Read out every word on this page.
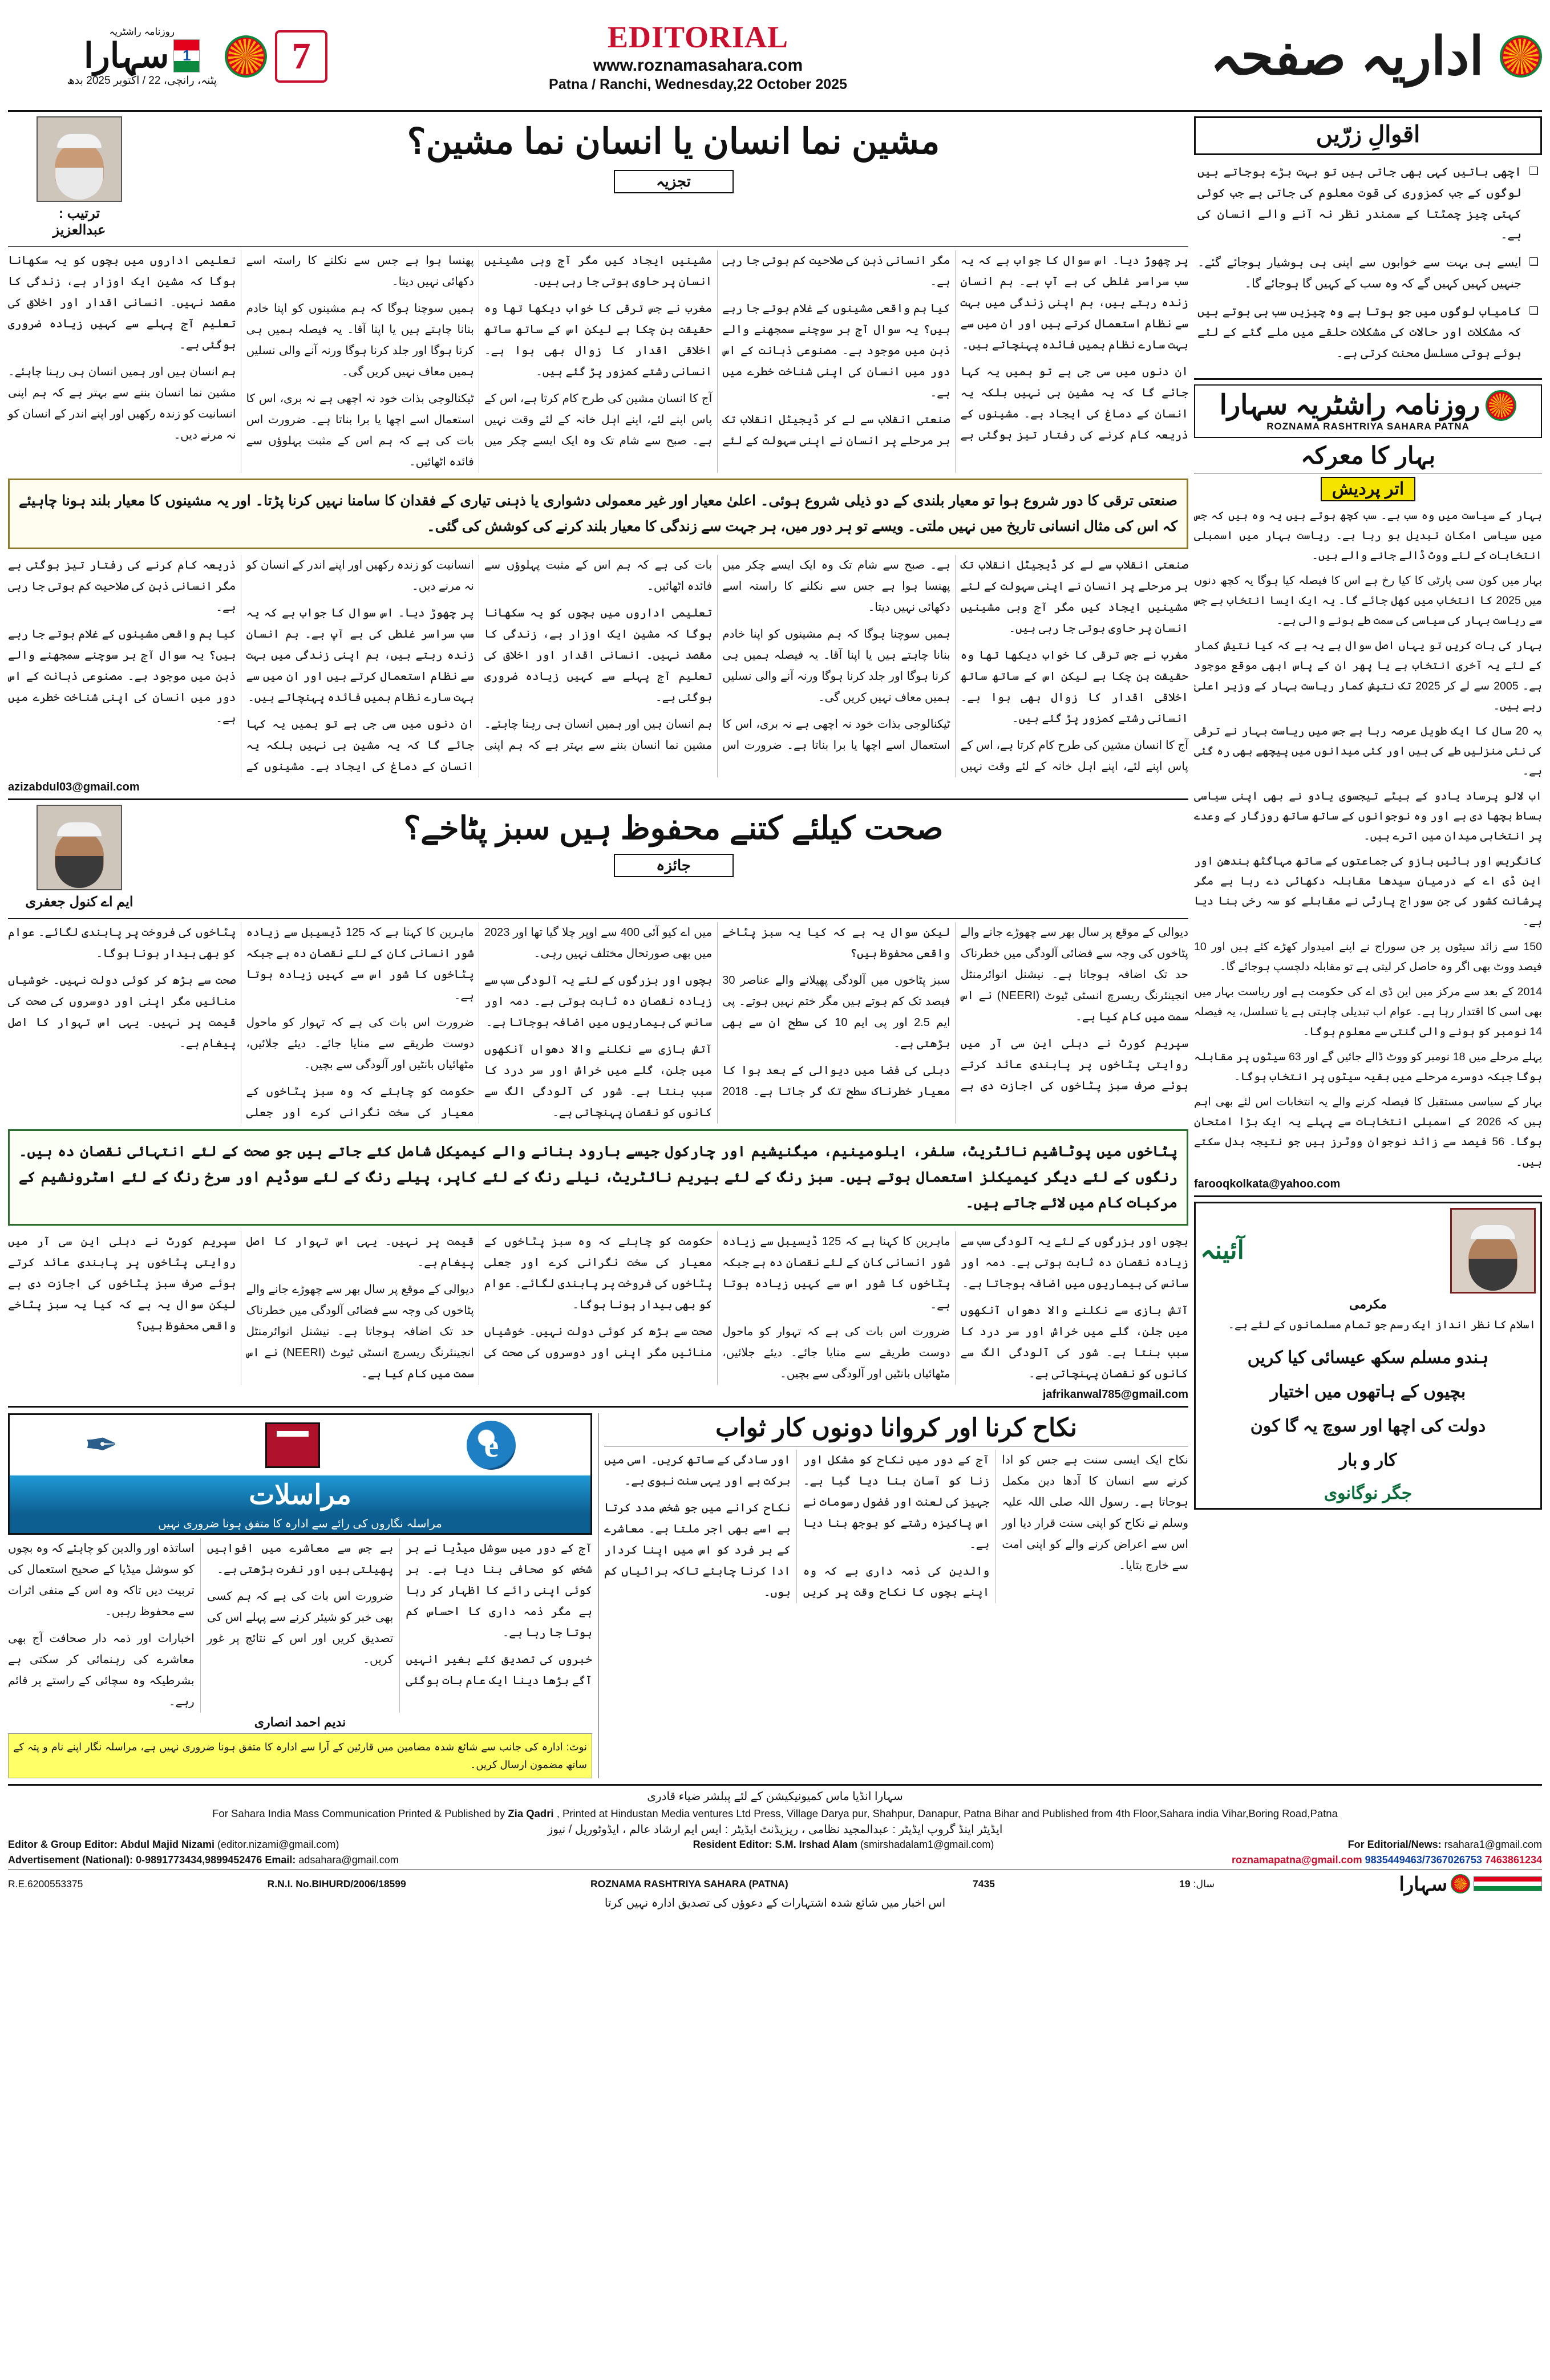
اداریہ صفحہ
EDITORIAL
www.roznamasahara.com
Patna / Ranchi, Wednesday,22 October 2025
7
روزنامہ راشٹریہ
1
سہارا
پٹنہ، رانچی، 22 / اکتوبر 2025 بدھ
اقوالِ زرّیں
❑ اچھی باتیں کہی بھی جاتی ہیں تو بہت بڑے ہوجاتے ہیں لوگوں کے جب کمزوری کی قوت معلوم کی جاتی ہے جب کوئی کہتی چیز چمٹتا کے سمندر نظر نہ آنے والے انسان کی ہے۔
❑ ایسے ہی بہت سے خوابوں سے اپنی ہی ہوشیار ہوجائے گئے۔ جنہیں کہیں کہیں گے کہ وہ سب کے کہیں گا ہوجائے گا۔
❑ کامیاب لوگوں میں جو ہوتا ہے وہ چیزیں سب ہی ہوتے ہیں کہ مشکلات اور حالات کی مشکلات حلقے میں ملے گئے کے لئے ہوئے ہوتی مسلسل محنت کرتی ہے۔
روزنامہ راشٹریہ سہارا
ROZNAMA RASHTRIYA SAHARA PATNA
بہار کا معرکہ
اتر پردیش

بہار کے سیاست میں وہ سب ہے۔ سب کچھ ہوتے ہیں یہ وہ ہیں کہ جس میں سیاسی امکان تبدیل ہو رہا ہے۔ ریاست بہار میں اسمبلی انتخابات کے لئے ووٹ ڈالے جانے والے ہیں۔

بہار میں کون سی پارٹی کا کیا رخ ہے اس کا فیصلہ کیا ہوگا یہ کچھ دنوں میں 2025 کا انتخاب میں کھل جائے گا۔ یہ ایک ایسا انتخاب ہے جس سے ریاست بہار کی سیاسی کی سمت طے ہونے والی ہے۔

بہار کی بات کریں تو یہاں اصل سوال ہے یہ ہے کہ کیا نتیش کمار کے لئے یہ آخری انتخاب ہے یا پھر ان کے پاس ابھی موقع موجود ہے۔ 2005 سے لے کر 2025 تک نتیش کمار ریاست بہار کے وزیر اعلیٰ رہے ہیں۔

یہ 20 سال کا ایک طویل عرصہ رہا ہے جس میں ریاست بہار نے ترقی کی نئی منزلیں طے کی ہیں اور کئی میدانوں میں پیچھے بھی رہ گئی ہے۔

اب لالو پرساد یادو کے بیٹے تیجسوی یادو نے بھی اپنی سیاسی بساط بچھا دی ہے اور وہ نوجوانوں کے ساتھ ساتھ روزگار کے وعدے پر انتخابی میدان میں اترے ہیں۔

کانگریس اور بائیں بازو کی جماعتوں کے ساتھ مہاگٹھ بندھن اور این ڈی اے کے درمیان سیدھا مقابلہ دکھائی دے رہا ہے مگر پرشانت کشور کی جن سوراج پارٹی نے مقابلے کو سہ رخی بنا دیا ہے۔

150 سے زائد سیٹوں پر جن سوراج نے اپنے امیدوار کھڑے کئے ہیں اور 10 فیصد ووٹ بھی اگر وہ حاصل کر لیتی ہے تو مقابلہ دلچسپ ہوجائے گا۔

2014 کے بعد سے مرکز میں این ڈی اے کی حکومت ہے اور ریاست بہار میں بھی اسی کا اقتدار رہا ہے۔ عوام اب تبدیلی چاہتی ہے یا تسلسل، یہ فیصلہ 14 نومبر کو ہونے والی گنتی سے معلوم ہوگا۔

پہلے مرحلے میں 18 نومبر کو ووٹ ڈالے جائیں گے اور 63 سیٹوں پر مقابلہ ہوگا جبکہ دوسرے مرحلے میں بقیہ سیٹوں پر انتخاب ہوگا۔

بہار کے سیاسی مستقبل کا فیصلہ کرنے والے یہ انتخابات اس لئے بھی اہم ہیں کہ 2026 کے اسمبلی انتخابات سے پہلے یہ ایک بڑا امتحان ہوگا۔ 56 فیصد سے زائد نوجوان ووٹرز ہیں جو نتیجہ بدل سکتے ہیں۔

farooqkolkata@yahoo.com
آئینہ
مکرمی
اسلام کا نظر انداز ایک رسم جو تمام مسلمانوں کے لئے ہے۔
ہندو مسلم سکھ عیسائی کیا کریں
بچیوں کے ہاتھوں میں اختیار
دولت کی اچھا اور سوچ یہ گا کون
کار و بار
جگر نوگانوی
مشین نما انسان یا انسان نما مشین؟
تجزیہ
ترتیب :
عبدالعزیز

پر چھوڑ دیا۔ اس سوال کا جواب ہے کہ یہ سب سراسر غلطی کی ہے آپ ہے۔ ہم انسان زندہ رہتے ہیں، ہم اپنی زندگی میں بہت سے نظام استعمال کرتے ہیں اور ان میں سے بہت سارے نظام ہمیں فائدہ پہنچاتے ہیں۔

ان دنوں میں سی جی ہے تو ہمیں یہ کہا جائے گا کہ یہ مشین ہی نہیں بلکہ یہ انسان کے دماغ کی ایجاد ہے۔ مشینوں کے ذریعہ کام کرنے کی رفتار تیز ہوگئی ہے مگر انسانی ذہن کی صلاحیت کم ہوتی جا رہی ہے۔

کیا ہم واقعی مشینوں کے غلام ہوتے جا رہے ہیں؟ یہ سوال آج ہر سوچنے سمجھنے والے ذہن میں موجود ہے۔ مصنوعی ذہانت کے اس دور میں انسان کی اپنی شناخت خطرے میں ہے۔

صنعتی انقلاب سے لے کر ڈیجیٹل انقلاب تک ہر مرحلے پر انسان نے اپنی سہولت کے لئے مشینیں ایجاد کیں مگر آج وہی مشینیں انسان پر حاوی ہوتی جا رہی ہیں۔

مغرب نے جس ترقی کا خواب دیکھا تھا وہ حقیقت بن چکا ہے لیکن اس کے ساتھ ساتھ اخلاقی اقدار کا زوال بھی ہوا ہے۔ انسانی رشتے کمزور پڑ گئے ہیں۔

آج کا انسان مشین کی طرح کام کرتا ہے، اس کے پاس اپنے لئے، اپنے اہل خانہ کے لئے وقت نہیں ہے۔ صبح سے شام تک وہ ایک ایسے چکر میں پھنسا ہوا ہے جس سے نکلنے کا راستہ اسے دکھائی نہیں دیتا۔

ہمیں سوچنا ہوگا کہ ہم مشینوں کو اپنا خادم بنانا چاہتے ہیں یا اپنا آقا۔ یہ فیصلہ ہمیں ہی کرنا ہوگا اور جلد کرنا ہوگا ورنہ آنے والی نسلیں ہمیں معاف نہیں کریں گی۔

ٹیکنالوجی بذات خود نہ اچھی ہے نہ بری، اس کا استعمال اسے اچھا یا برا بناتا ہے۔ ضرورت اس بات کی ہے کہ ہم اس کے مثبت پہلوؤں سے فائدہ اٹھائیں۔

تعلیمی اداروں میں بچوں کو یہ سکھانا ہوگا کہ مشین ایک اوزار ہے، زندگی کا مقصد نہیں۔ انسانی اقدار اور اخلاق کی تعلیم آج پہلے سے کہیں زیادہ ضروری ہوگئی ہے۔

ہم انسان ہیں اور ہمیں انسان ہی رہنا چاہئے۔ مشین نما انسان بننے سے بہتر ہے کہ ہم اپنی انسانیت کو زندہ رکھیں اور اپنے اندر کے انسان کو نہ مرنے دیں۔

صنعتی ترقی کا دور شروع ہوا تو معیار بلندی کے دو ذیلی شروع ہوئی۔ اعلیٰ معیار اور غیر معمولی دشواری یا ذہنی تیاری کے فقدان کا سامنا نہیں کرنا پڑتا۔ اور یہ مشینوں کا معیار بلند ہونا چاہیئے کہ اس کی مثال انسانی تاریخ میں نہیں ملتی۔ ویسے تو ہر دور میں، ہر جہت سے زندگی کا معیار بلند کرنے کی کوشش کی گئی۔

صنعتی انقلاب سے لے کر ڈیجیٹل انقلاب تک ہر مرحلے پر انسان نے اپنی سہولت کے لئے مشینیں ایجاد کیں مگر آج وہی مشینیں انسان پر حاوی ہوتی جا رہی ہیں۔

مغرب نے جس ترقی کا خواب دیکھا تھا وہ حقیقت بن چکا ہے لیکن اس کے ساتھ ساتھ اخلاقی اقدار کا زوال بھی ہوا ہے۔ انسانی رشتے کمزور پڑ گئے ہیں۔

آج کا انسان مشین کی طرح کام کرتا ہے، اس کے پاس اپنے لئے، اپنے اہل خانہ کے لئے وقت نہیں ہے۔ صبح سے شام تک وہ ایک ایسے چکر میں پھنسا ہوا ہے جس سے نکلنے کا راستہ اسے دکھائی نہیں دیتا۔

ہمیں سوچنا ہوگا کہ ہم مشینوں کو اپنا خادم بنانا چاہتے ہیں یا اپنا آقا۔ یہ فیصلہ ہمیں ہی کرنا ہوگا اور جلد کرنا ہوگا ورنہ آنے والی نسلیں ہمیں معاف نہیں کریں گی۔

ٹیکنالوجی بذات خود نہ اچھی ہے نہ بری، اس کا استعمال اسے اچھا یا برا بناتا ہے۔ ضرورت اس بات کی ہے کہ ہم اس کے مثبت پہلوؤں سے فائدہ اٹھائیں۔

تعلیمی اداروں میں بچوں کو یہ سکھانا ہوگا کہ مشین ایک اوزار ہے، زندگی کا مقصد نہیں۔ انسانی اقدار اور اخلاق کی تعلیم آج پہلے سے کہیں زیادہ ضروری ہوگئی ہے۔

ہم انسان ہیں اور ہمیں انسان ہی رہنا چاہئے۔ مشین نما انسان بننے سے بہتر ہے کہ ہم اپنی انسانیت کو زندہ رکھیں اور اپنے اندر کے انسان کو نہ مرنے دیں۔

پر چھوڑ دیا۔ اس سوال کا جواب ہے کہ یہ سب سراسر غلطی کی ہے آپ ہے۔ ہم انسان زندہ رہتے ہیں، ہم اپنی زندگی میں بہت سے نظام استعمال کرتے ہیں اور ان میں سے بہت سارے نظام ہمیں فائدہ پہنچاتے ہیں۔

ان دنوں میں سی جی ہے تو ہمیں یہ کہا جائے گا کہ یہ مشین ہی نہیں بلکہ یہ انسان کے دماغ کی ایجاد ہے۔ مشینوں کے ذریعہ کام کرنے کی رفتار تیز ہوگئی ہے مگر انسانی ذہن کی صلاحیت کم ہوتی جا رہی ہے۔

کیا ہم واقعی مشینوں کے غلام ہوتے جا رہے ہیں؟ یہ سوال آج ہر سوچنے سمجھنے والے ذہن میں موجود ہے۔ مصنوعی ذہانت کے اس دور میں انسان کی اپنی شناخت خطرے میں ہے۔

azizabdul03@gmail.com
صحت کیلئے کتنے محفوظ ہیں سبز پٹاخے؟
جائزہ
ایم اے کنول جعفری

دیوالی کے موقع پر سال بھر سے چھوڑے جانے والے پٹاخوں کی وجہ سے فضائی آلودگی میں خطرناک حد تک اضافہ ہوجاتا ہے۔ نیشنل انوائرمنٹل انجینئرنگ ریسرچ انسٹی ٹیوٹ (NEERI) نے اس سمت میں کام کیا ہے۔

سپریم کورٹ نے دہلی این سی آر میں روایتی پٹاخوں پر پابندی عائد کرتے ہوئے صرف سبز پٹاخوں کی اجازت دی ہے لیکن سوال یہ ہے کہ کیا یہ سبز پٹاخے واقعی محفوظ ہیں؟

سبز پٹاخوں میں آلودگی پھیلانے والے عناصر 30 فیصد تک کم ہوتے ہیں مگر ختم نہیں ہوتے۔ پی ایم 2.5 اور پی ایم 10 کی سطح ان سے بھی بڑھتی ہے۔

دہلی کی فضا میں دیوالی کے بعد ہوا کا معیار خطرناک سطح تک گر جاتا ہے۔ 2018 میں اے کیو آئی 400 سے اوپر چلا گیا تھا اور 2023 میں بھی صورتحال مختلف نہیں رہی۔

بچوں اور بزرگوں کے لئے یہ آلودگی سب سے زیادہ نقصان دہ ثابت ہوتی ہے۔ دمہ اور سانس کی بیماریوں میں اضافہ ہوجاتا ہے۔

آتش بازی سے نکلنے والا دھواں آنکھوں میں جلن، گلے میں خراش اور سر درد کا سبب بنتا ہے۔ شور کی آلودگی الگ سے کانوں کو نقصان پہنچاتی ہے۔

ماہرین کا کہنا ہے کہ 125 ڈیسیبل سے زیادہ شور انسانی کان کے لئے نقصان دہ ہے جبکہ پٹاخوں کا شور اس سے کہیں زیادہ ہوتا ہے۔

ضرورت اس بات کی ہے کہ تہوار کو ماحول دوست طریقے سے منایا جائے۔ دیئے جلائیں، مٹھائیاں بانٹیں اور آلودگی سے بچیں۔

حکومت کو چاہئے کہ وہ سبز پٹاخوں کے معیار کی سخت نگرانی کرے اور جعلی پٹاخوں کی فروخت پر پابندی لگائے۔ عوام کو بھی بیدار ہونا ہوگا۔

صحت سے بڑھ کر کوئی دولت نہیں۔ خوشیاں منائیں مگر اپنی اور دوسروں کی صحت کی قیمت پر نہیں۔ یہی اس تہوار کا اصل پیغام ہے۔

پٹاخوں میں پوٹاشیم نائٹریٹ، سلفر، ایلومینیم، میگنیشیم اور چارکول جیسے بارود بنانے والے کیمیکل شامل کئے جاتے ہیں جو صحت کے لئے انتہائی نقصان دہ ہیں۔ رنگوں کے لئے دیگر کیمیکلز استعمال ہوتے ہیں۔ سبز رنگ کے لئے بیریم نائٹریٹ، نیلے رنگ کے لئے کاپر، پیلے رنگ کے لئے سوڈیم اور سرخ رنگ کے لئے اسٹرونشیم کے مرکبات کام میں لائے جاتے ہیں۔

بچوں اور بزرگوں کے لئے یہ آلودگی سب سے زیادہ نقصان دہ ثابت ہوتی ہے۔ دمہ اور سانس کی بیماریوں میں اضافہ ہوجاتا ہے۔

آتش بازی سے نکلنے والا دھواں آنکھوں میں جلن، گلے میں خراش اور سر درد کا سبب بنتا ہے۔ شور کی آلودگی الگ سے کانوں کو نقصان پہنچاتی ہے۔

ماہرین کا کہنا ہے کہ 125 ڈیسیبل سے زیادہ شور انسانی کان کے لئے نقصان دہ ہے جبکہ پٹاخوں کا شور اس سے کہیں زیادہ ہوتا ہے۔

ضرورت اس بات کی ہے کہ تہوار کو ماحول دوست طریقے سے منایا جائے۔ دیئے جلائیں، مٹھائیاں بانٹیں اور آلودگی سے بچیں۔

حکومت کو چاہئے کہ وہ سبز پٹاخوں کے معیار کی سخت نگرانی کرے اور جعلی پٹاخوں کی فروخت پر پابندی لگائے۔ عوام کو بھی بیدار ہونا ہوگا۔

صحت سے بڑھ کر کوئی دولت نہیں۔ خوشیاں منائیں مگر اپنی اور دوسروں کی صحت کی قیمت پر نہیں۔ یہی اس تہوار کا اصل پیغام ہے۔

دیوالی کے موقع پر سال بھر سے چھوڑے جانے والے پٹاخوں کی وجہ سے فضائی آلودگی میں خطرناک حد تک اضافہ ہوجاتا ہے۔ نیشنل انوائرمنٹل انجینئرنگ ریسرچ انسٹی ٹیوٹ (NEERI) نے اس سمت میں کام کیا ہے۔

سپریم کورٹ نے دہلی این سی آر میں روایتی پٹاخوں پر پابندی عائد کرتے ہوئے صرف سبز پٹاخوں کی اجازت دی ہے لیکن سوال یہ ہے کہ کیا یہ سبز پٹاخے واقعی محفوظ ہیں؟

jafrikanwal785@gmail.com
نکاح کرنا اور کروانا دونوں کار ثواب

نکاح ایک ایسی سنت ہے جس کو ادا کرنے سے انسان کا آدھا دین مکمل ہوجاتا ہے۔ رسول اللہ صلی اللہ علیہ وسلم نے نکاح کو اپنی سنت قرار دیا اور اس سے اعراض کرنے والے کو اپنی امت سے خارج بتایا۔

آج کے دور میں نکاح کو مشکل اور زنا کو آسان بنا دیا گیا ہے۔ جہیز کی لعنت اور فضول رسومات نے اس پاکیزہ رشتے کو بوجھ بنا دیا ہے۔

والدین کی ذمہ داری ہے کہ وہ اپنے بچوں کا نکاح وقت پر کریں اور سادگی کے ساتھ کریں۔ اسی میں برکت ہے اور یہی سنت نبوی ہے۔

نکاح کرانے میں جو شخص مدد کرتا ہے اسے بھی اجر ملتا ہے۔ معاشرے کے ہر فرد کو اس میں اپنا کردار ادا کرنا چاہئے تاکہ برائیاں کم ہوں۔

e
✒
مراسلات
مراسلہ نگاروں کی رائے سے ادارہ کا متفق ہونا ضروری نہیں

آج کے دور میں سوشل میڈیا نے ہر شخص کو صحافی بنا دیا ہے۔ ہر کوئی اپنی رائے کا اظہار کر رہا ہے مگر ذمہ داری کا احساس کم ہوتا جا رہا ہے۔

خبروں کی تصدیق کئے بغیر انہیں آگے بڑھا دینا ایک عام بات ہوگئی ہے جس سے معاشرے میں افواہیں پھیلتی ہیں اور نفرت بڑھتی ہے۔

ضرورت اس بات کی ہے کہ ہم کسی بھی خبر کو شیئر کرنے سے پہلے اس کی تصدیق کریں اور اس کے نتائج پر غور کریں۔

اساتذہ اور والدین کو چاہئے کہ وہ بچوں کو سوشل میڈیا کے صحیح استعمال کی تربیت دیں تاکہ وہ اس کے منفی اثرات سے محفوظ رہیں۔

اخبارات اور ذمہ دار صحافت آج بھی معاشرے کی رہنمائی کر سکتی ہے بشرطیکہ وہ سچائی کے راستے پر قائم رہے۔

ندیم احمد انصاری
نوٹ: ادارہ کی جانب سے شائع شدہ مضامین میں قارئین کے آرا سے ادارہ کا متفق ہونا ضروری نہیں ہے، مراسلہ نگار اپنے نام و پتہ کے ساتھ مضمون ارسال کریں۔
سہارا انڈیا ماس کمیونیکیشن کے لئے پبلشر ضیاء قادری
For Sahara India Mass Communication Printed & Published by Zia Qadri , Printed at Hindustan Media ventures Ltd Press, Village Darya pur, Shahpur, Danapur, Patna Bihar and Published from 4th Floor,Sahara india Vihar,Boring Road,Patna
ایڈیٹر اینڈ گروپ ایڈیٹر : عبدالمجید نظامی ، ریزیڈنٹ ایڈیٹر : ایس ایم ارشاد عالم ، ایڈوٹوریل / نیوز
Editor & Group Editor: Abdul Majid Nizami (editor.nizami@gmail.com)	Resident Editor: S.M. Irshad Alam (smirshadalam1@gmail.com)	For Editorial/News: rsahara1@gmail.com
Advertisement (National): 0-9891773434,9899452476 Email: adsahara@gmail.com	roznamapatna@gmail.com 9835449463/7367026753 7463861234
R.E.6200553375	R.N.I. No.BIHURD/2006/18599	ROZNAMA RASHTRIYA SAHARA (PATNA)	7435	سال: 19	سہارا
اس اخبار میں شائع شدہ اشتہارات کے دعوؤں کی تصدیق ادارہ نہیں کرتا
